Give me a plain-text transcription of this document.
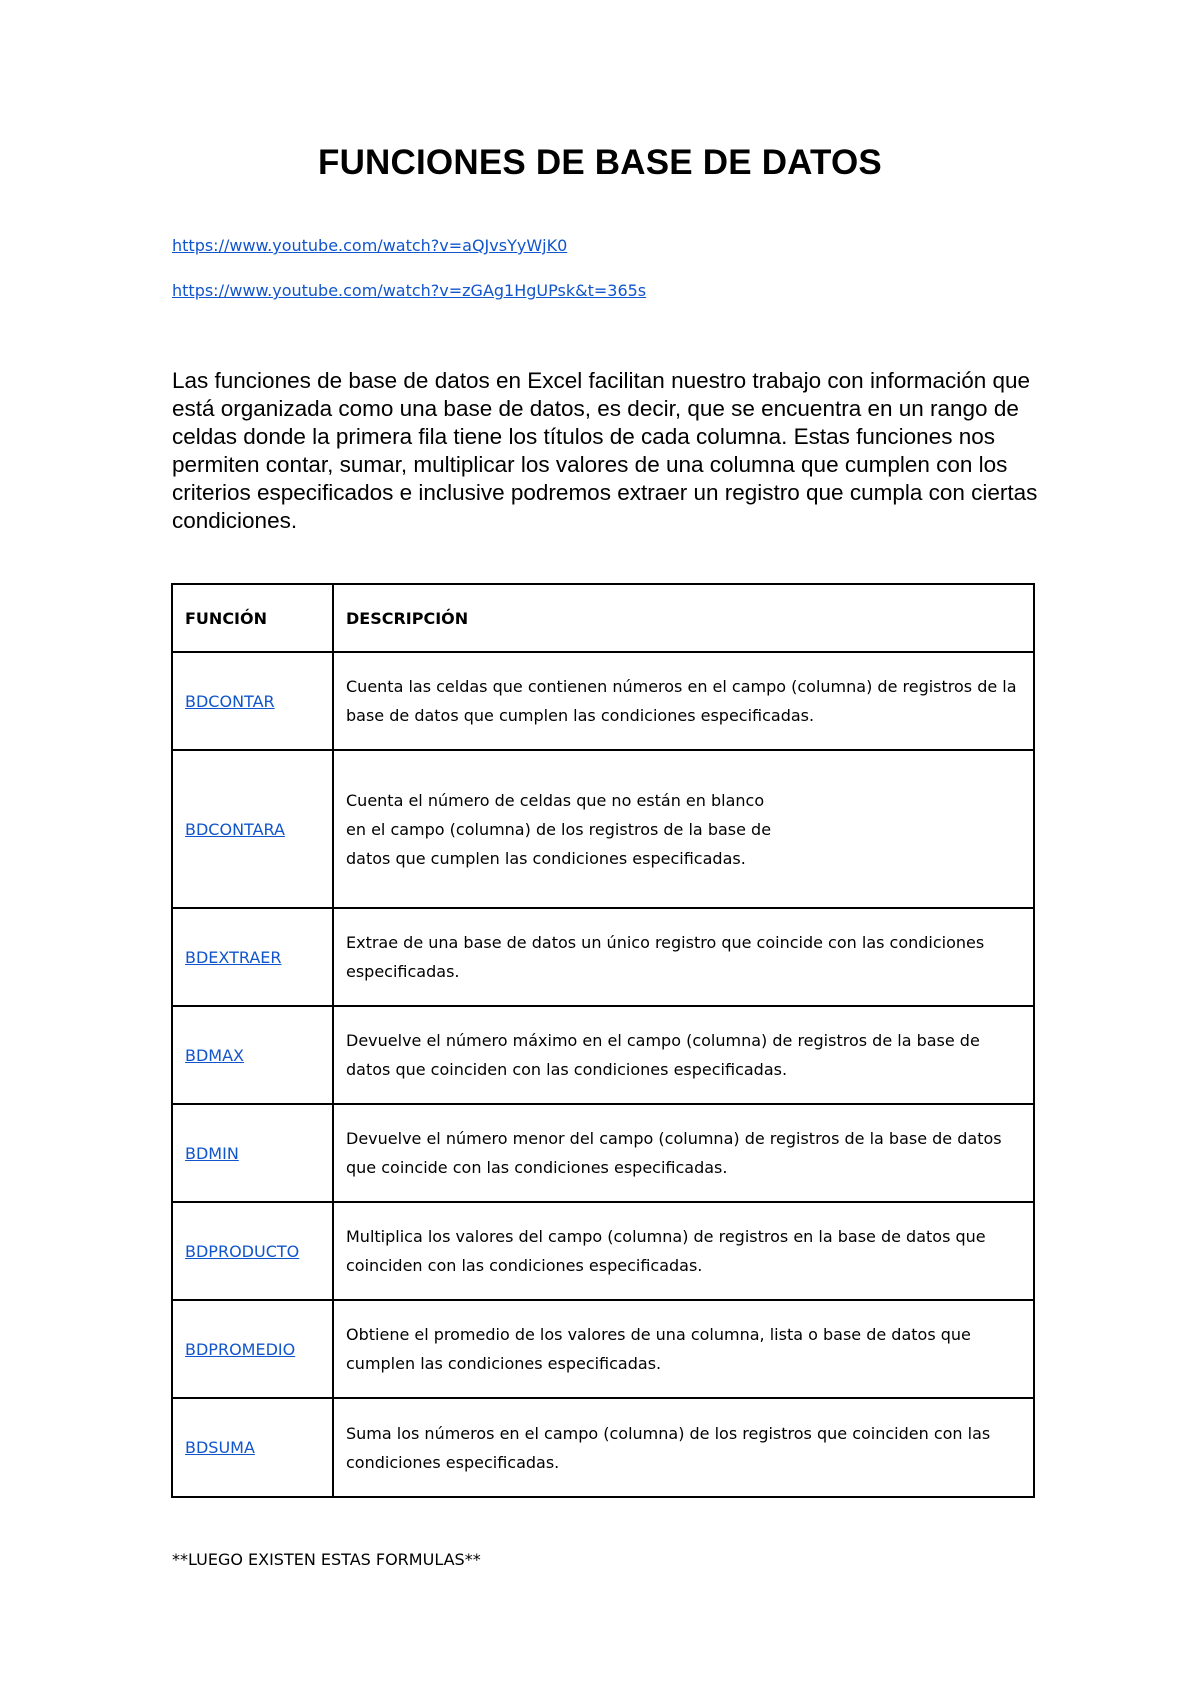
FUNCIONES DE BASE DE DATOS
https://www.youtube.com/watch?v=aQJvsYyWjK0
https://www.youtube.com/watch?v=zGAg1HgUPsk&t=365s

Las funciones de base de datos en Excel facilitan nuestro trabajo con información que está organizada como una base de datos, es decir, que se encuentra en un rango de celdas donde la primera fila tiene los títulos de cada columna. Estas funciones nos permiten contar, sumar, multiplicar los valores de una columna que cumplen con los criterios especificados e inclusive podremos extraer un registro que cumpla con ciertas condiciones.

FUNCIÓN	DESCRIPCIÓN
BDCONTAR	Cuenta las celdas que contienen números en el campo (columna) de registros de la base de datos que cumplen las condiciones especificadas.
BDCONTARA	Cuenta el número de celdas que no están en blanco en el campo (columna) de los registros de la base de datos que cumplen las condiciones especificadas.
BDEXTRAER	Extrae de una base de datos un único registro que coincide con las condiciones especificadas.
BDMAX	Devuelve el número máximo en el campo (columna) de registros de la base de datos que coinciden con las condiciones especificadas.
BDMIN	Devuelve el número menor del campo (columna) de registros de la base de datos que coincide con las condiciones especificadas.
BDPRODUCTO	Multiplica los valores del campo (columna) de registros en la base de datos que coinciden con las condiciones especificadas.
BDPROMEDIO	Obtiene el promedio de los valores de una columna, lista o base de datos que cumplen las condiciones especificadas.
BDSUMA	Suma los números en el campo (columna) de los registros que coinciden con las condiciones especificadas.
**LUEGO EXISTEN ESTAS FORMULAS**
